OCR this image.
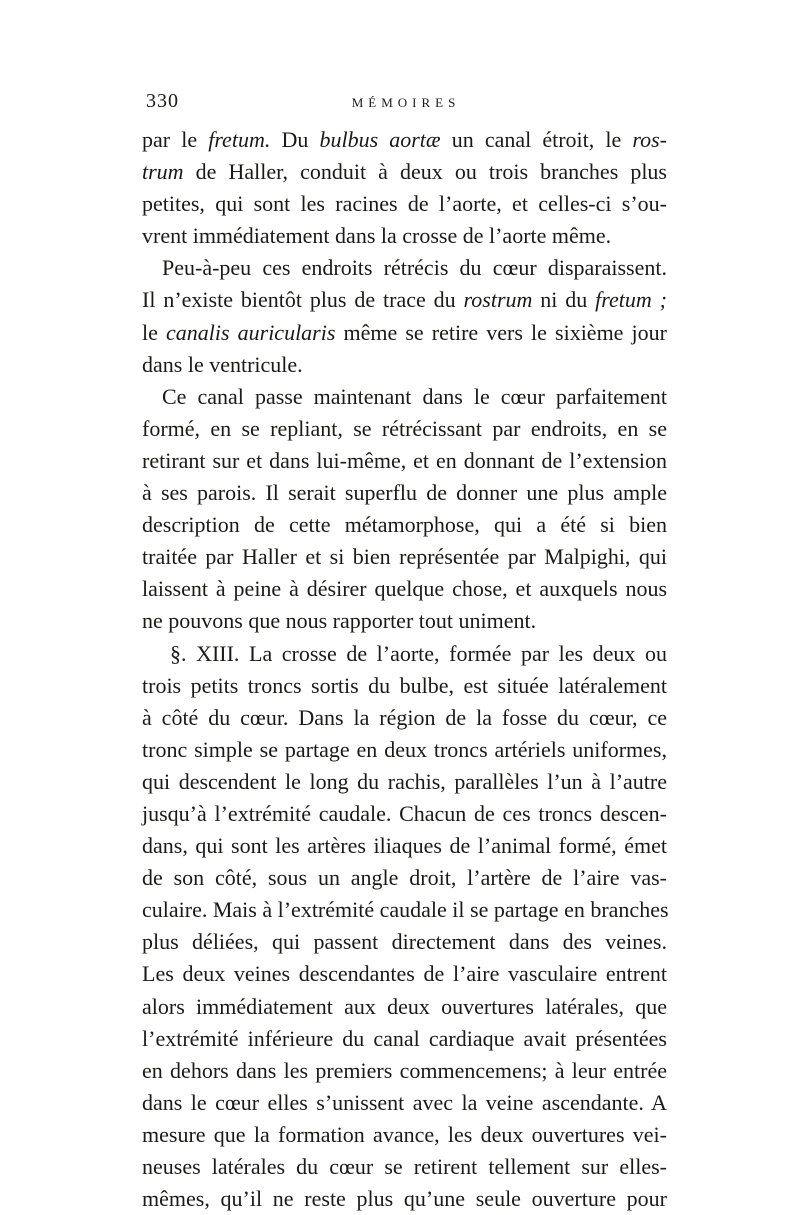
330	MÉMOIRES
par le fretum. Du bulbus aortæ un canal étroit, le ros-
trum de Haller, conduit à deux ou trois branches plus
petites, qui sont les racines de l’aorte, et celles-ci s’ou-
vrent immédiatement dans la crosse de l’aorte même.
Peu-à-peu ces endroits rétrécis du cœur disparaissent.
Il n’existe bientôt plus de trace du rostrum ni du fretum ;
le canalis auricularis même se retire vers le sixième jour
dans le ventricule.
Ce canal passe maintenant dans le cœur parfaitement
formé, en se repliant, se rétrécissant par endroits, en se
retirant sur et dans lui-même, et en donnant de l’extension
à ses parois. Il serait superflu de donner une plus ample
description de cette métamorphose, qui a été si bien
traitée par Haller et si bien représentée par Malpighi, qui
laissent à peine à désirer quelque chose, et auxquels nous
ne pouvons que nous rapporter tout uniment.
§. XIII. La crosse de l’aorte, formée par les deux ou
trois petits troncs sortis du bulbe, est située latéralement
à côté du cœur. Dans la région de la fosse du cœur, ce
tronc simple se partage en deux troncs artériels uniformes,
qui descendent le long du rachis, parallèles l’un à l’autre
jusqu’à l’extrémité caudale. Chacun de ces troncs descen-
dans, qui sont les artères iliaques de l’animal formé, émet
de son côté, sous un angle droit, l’artère de l’aire vas-
culaire. Mais à l’extrémité caudale il se partage en branches
plus déliées, qui passent directement dans des veines.
Les deux veines descendantes de l’aire vasculaire entrent
alors immédiatement aux deux ouvertures latérales, que
l’extrémité inférieure du canal cardiaque avait présentées
en dehors dans les premiers commencemens; à leur entrée
dans le cœur elles s’unissent avec la veine ascendante. A
mesure que la formation avance, les deux ouvertures vei-
neuses latérales du cœur se retirent tellement sur elles-
mêmes, qu’il ne reste plus qu’une seule ouverture pour
